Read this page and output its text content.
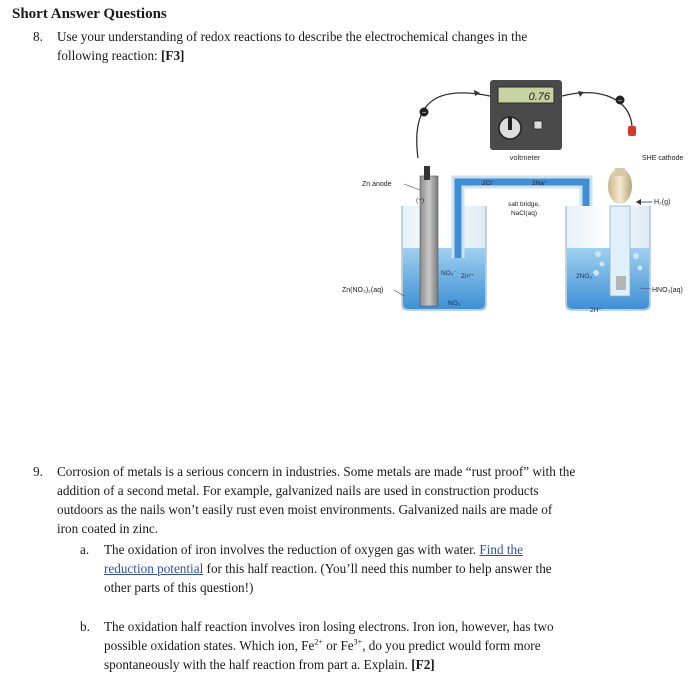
Short Answer Questions
8. Use your understanding of redox reactions to describe the electrochemical changes in the
following reaction: [F3]
0.76
voltmeter
−
−
(−)
NO₃⁻ Zn²⁺
NO₃⁻
2Cl⁻	2Na⁺
salt bridge,
NaCl(aq)
2NO₃⁻
2H⁺
SHE cathode
Zn anode
H₂(g)
Zn(NO₃)₂(aq)	HNO₃(aq)
9. Corrosion of metals is a serious concern in industries. Some metals are made “rust proof” with the
addition of a second metal. For example, galvanized nails are used in construction products
outdoors as the nails won’t easily rust even moist environments. Galvanized nails are made of
iron coated in zinc.
a. The oxidation of iron involves the reduction of oxygen gas with water. Find the
reduction potential for this half reaction. (You’ll need this number to help answer the
other parts of this question!)
b. The oxidation half reaction involves iron losing electrons. Iron ion, however, has two
possible oxidation states. Which ion, $Fe^{2+}$ or $Fe^{3+}$, do you predict would form more
spontaneously with the half reaction from part a. Explain. [F2]
